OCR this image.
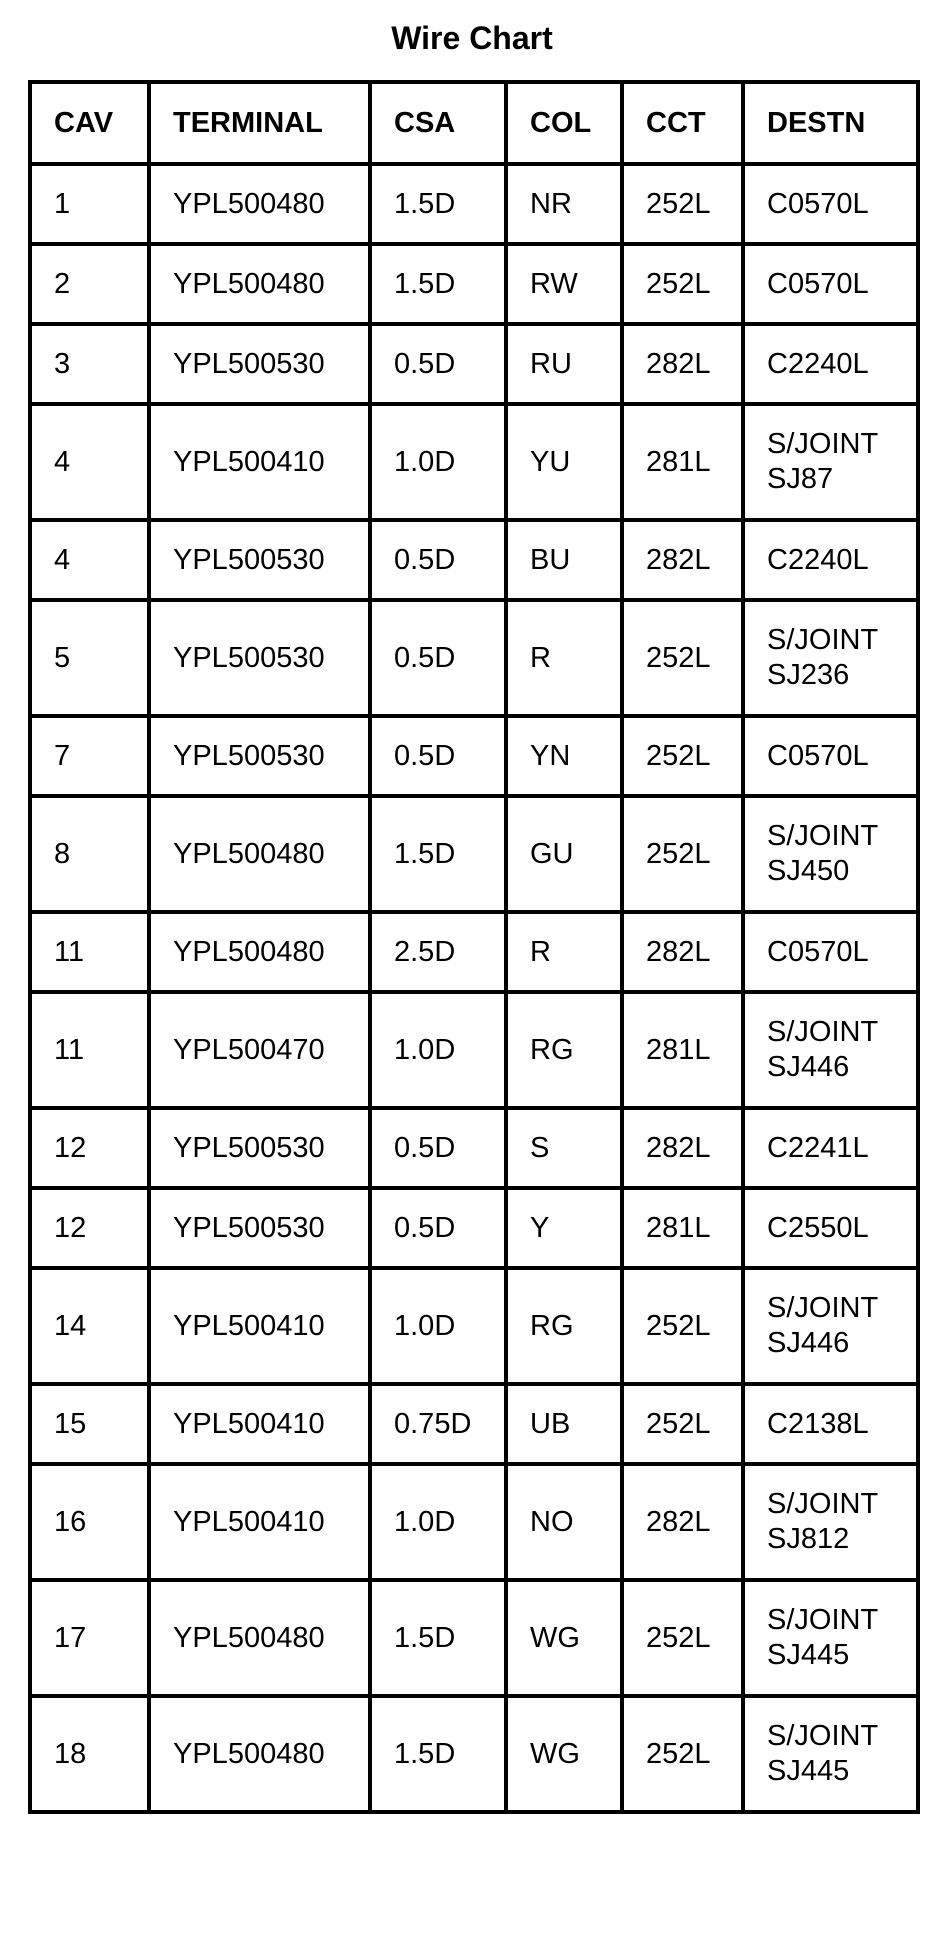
Wire Chart
CAV	TERMINAL	CSA	COL	CCT	DESTN
1	YPL500480	1.5D	NR	252L	C0570L

2	YPL500480	1.5D	RW	252L	C0570L

3	YPL500530	0.5D	RU	282L	C2240L

4	YPL500410	1.0D	YU	281L	S/JOINT
SJ87

4	YPL500530	0.5D	BU	282L	C2240L

5	YPL500530	0.5D	R	252L	S/JOINT
SJ236

7	YPL500530	0.5D	YN	252L	C0570L

8	YPL500480	1.5D	GU	252L	S/JOINT
SJ450

11	YPL500480	2.5D	R	282L	C0570L

11	YPL500470	1.0D	RG	281L	S/JOINT
SJ446

12	YPL500530	0.5D	S	282L	C2241L

12	YPL500530	0.5D	Y	281L	C2550L

14	YPL500410	1.0D	RG	252L	S/JOINT
SJ446

15	YPL500410	0.75D	UB	252L	C2138L

16	YPL500410	1.0D	NO	282L	S/JOINT
SJ812

17	YPL500480	1.5D	WG	252L	S/JOINT
SJ445

18	YPL500480	1.5D	WG	252L	S/JOINT
SJ445
